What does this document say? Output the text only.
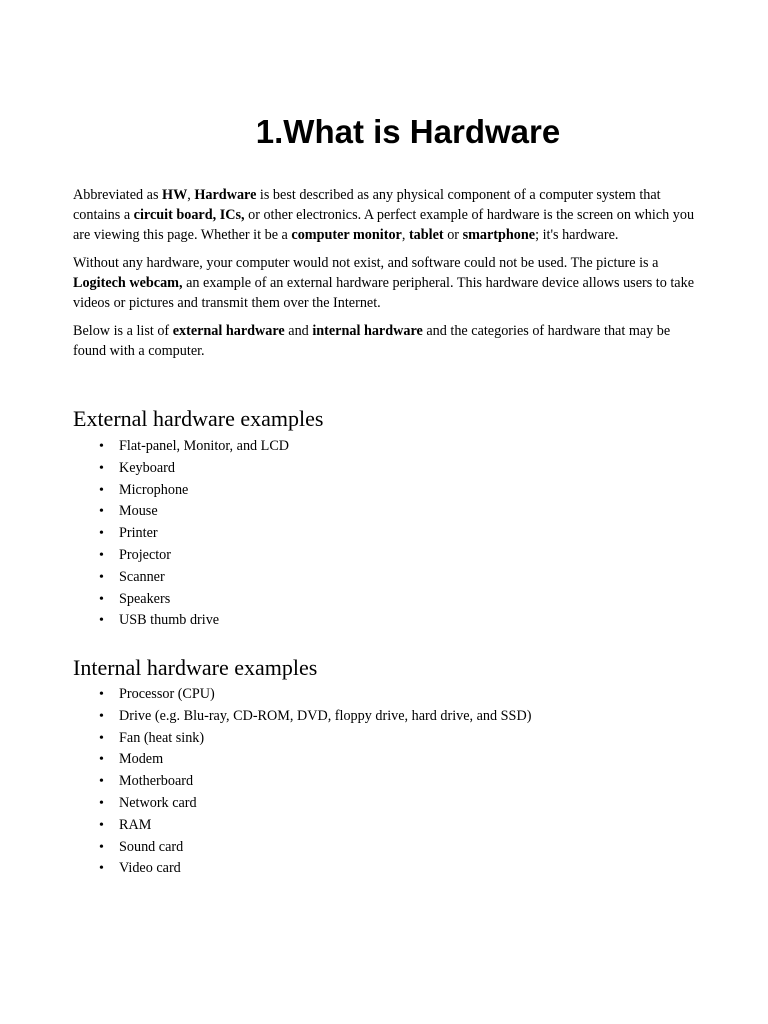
1.What is Hardware

Abbreviated as HW, Hardware is best described as any physical component of a computer system that contains a circuit board, ICs, or other electronics. A perfect example of hardware is the screen on which you are viewing this page. Whether it be a computer monitor, tablet or smartphone; it's hardware.

Without any hardware, your computer would not exist, and software could not be used. The picture is a Logitech webcam, an example of an external hardware peripheral. This hardware device allows users to take videos or pictures and transmit them over the Internet.

Below is a list of external hardware and internal hardware and the categories of hardware that may be found with a computer.

External hardware examples
• Flat-panel, Monitor, and LCD
• Keyboard
• Microphone
• Mouse
• Printer
• Projector
• Scanner
• Speakers
• USB thumb drive
Internal hardware examples
• Processor (CPU)
• Drive (e.g. Blu-ray, CD-ROM, DVD, floppy drive, hard drive, and SSD)
• Fan (heat sink)
• Modem
• Motherboard
• Network card
• RAM
• Sound card
• Video card
